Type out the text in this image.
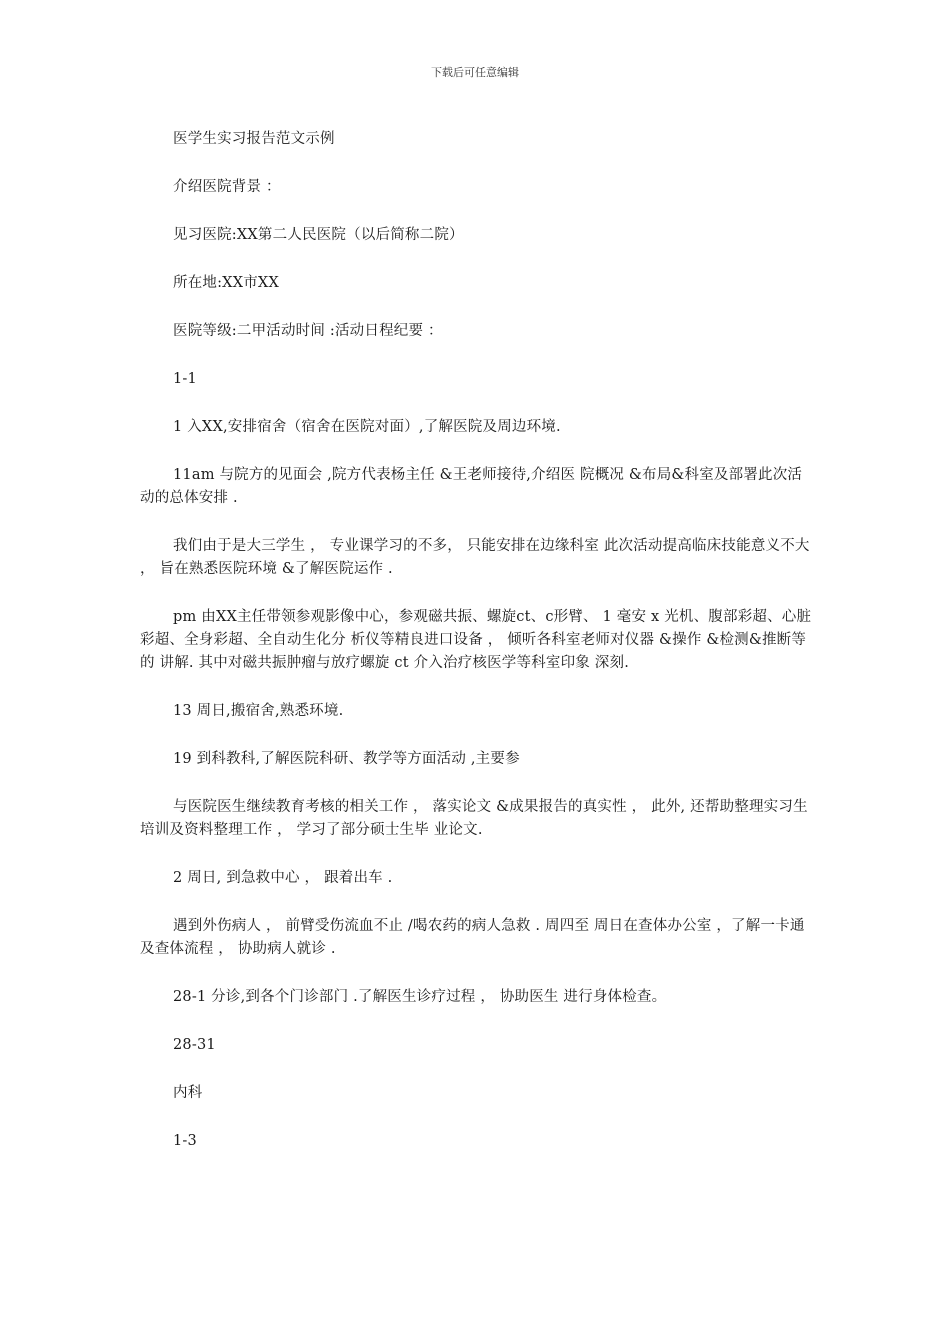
下载后可任意编辑

医学生实习报告范文示例

介绍医院背景 ：

见习医院:XX第二人民医院（以后简称二院）

所在地:XX市XX

医院等级:二甲活动时间 :活动日程纪要 ：

1-1

1 入XX,安排宿舍（宿舍在医院对面）,了解医院及周边环境.

11am 与院方的见面会 ,院方代表杨主任 &王老师接待,介绍医 院概况 &布局&科室及部署此次活动的总体安排 .

我们由于是大三学生 ， 专业课学习的不多， 只能安排在边缘科室 此次活动提高临床技能意义不大 ， 旨在熟悉医院环境 &了解医院运作 .

pm 由XX主任带领参观影像中心，参观磁共振、螺旋ct、c形臂、 1 毫安 x 光机、腹部彩超、心脏彩超、全身彩超、全自动生化分 析仪等精良进口设备 ， 倾听各科室老师对仪器 &操作 &检测&推断等的 讲解. 其中对磁共振肿瘤与放疗螺旋 ct 介入治疗核医学等科室印象 深刻.

13 周日,搬宿舍,熟悉环境.

19 到科教科,了解医院科研、教学等方面活动 ,主要参

与医院医生继续教育考核的相关工作 ， 落实论文 &成果报告的真实性 ， 此外, 还帮助整理实习生培训及资料整理工作 ， 学习了部分硕士生毕 业论文.

2 周日, 到急救中心 ， 跟着出车 .

遇到外伤病人 ， 前臂受伤流血不止 /喝农药的病人急救 . 周四至 周日在查体办公室 ，了解一卡通及查体流程 ， 协助病人就诊 .

28-1 分诊,到各个门诊部门 .了解医生诊疗过程 ， 协助医生 进行身体检查。

28-31

内科

1-3
